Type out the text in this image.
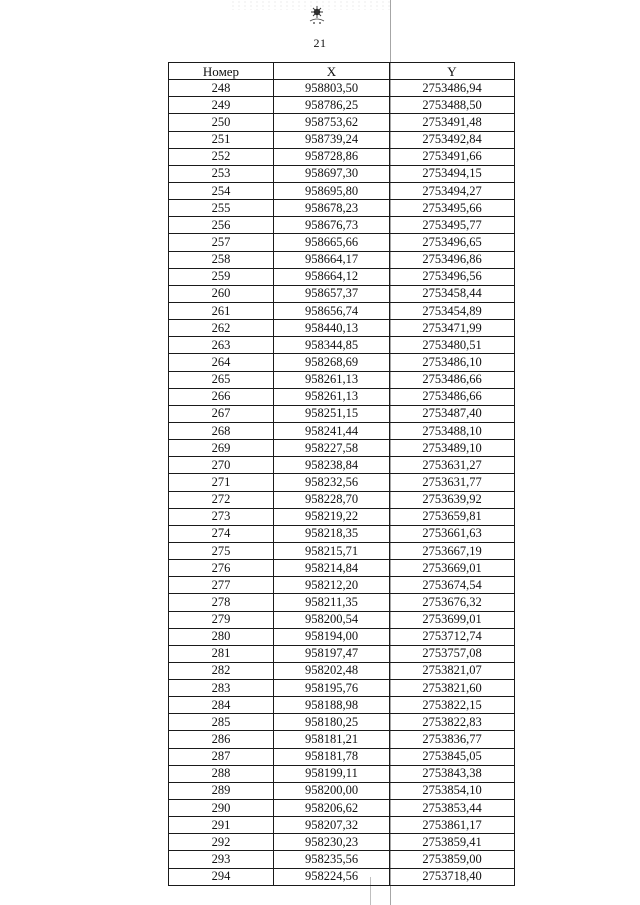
21
Номер	X	Y
248	958803,50	2753486,94
249	958786,25	2753488,50
250	958753,62	2753491,48
251	958739,24	2753492,84
252	958728,86	2753491,66
253	958697,30	2753494,15
254	958695,80	2753494,27
255	958678,23	2753495,66
256	958676,73	2753495,77
257	958665,66	2753496,65
258	958664,17	2753496,86
259	958664,12	2753496,56
260	958657,37	2753458,44
261	958656,74	2753454,89
262	958440,13	2753471,99
263	958344,85	2753480,51
264	958268,69	2753486,10
265	958261,13	2753486,66
266	958261,13	2753486,66
267	958251,15	2753487,40
268	958241,44	2753488,10
269	958227,58	2753489,10
270	958238,84	2753631,27
271	958232,56	2753631,77
272	958228,70	2753639,92
273	958219,22	2753659,81
274	958218,35	2753661,63
275	958215,71	2753667,19
276	958214,84	2753669,01
277	958212,20	2753674,54
278	958211,35	2753676,32
279	958200,54	2753699,01
280	958194,00	2753712,74
281	958197,47	2753757,08
282	958202,48	2753821,07
283	958195,76	2753821,60
284	958188,98	2753822,15
285	958180,25	2753822,83
286	958181,21	2753836,77
287	958181,78	2753845,05
288	958199,11	2753843,38
289	958200,00	2753854,10
290	958206,62	2753853,44
291	958207,32	2753861,17
292	958230,23	2753859,41
293	958235,56	2753859,00
294	958224,56	2753718,40
